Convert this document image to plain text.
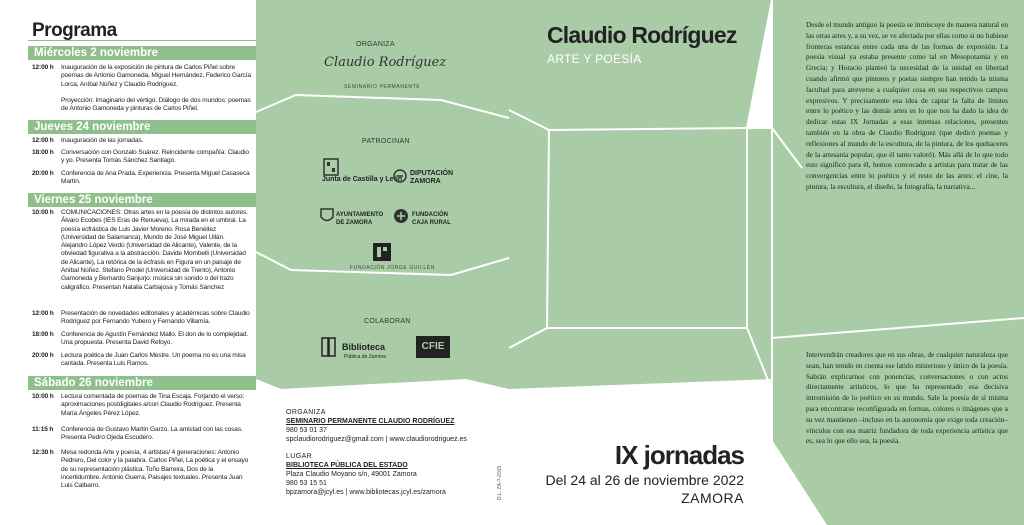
Programa
Miércoles 2 noviembre
12:00 h	Inauguración de la exposición de pintura de Carlos Piñel sobre poemas de Antonio Gamoneda, Miguel Hernández, Federico García Lorca, Aníbal Núñez y Claudio Rodríguez.
Proyección: Imaginario del vértigo. Diálogo de dos mundos: poemas de Antonio Gamoneda y pinturas de Carlos Piñel.
Jueves 24 noviembre
12:00 h	Inauguración de las jornadas.
18:00 h	Conversación con Gonzalo Suárez. Reincidente compañía: Claudio y yo. Presenta Tomás Sánchez Santiago.
20:00 h	Conferencia de Ana Prada. Experiencia. Presenta Miguel Casaseca Martín.
Viernes 25 noviembre
10:00 h	COMUNICACIONES: Otras artes en la poesía de distintos autores. Álvaro Ecobes (IES Eras de Renueva), La mirada en el umbral. La poesía ecfrástica de Luis Javier Moreno. Rosa Benéitez (Universidad de Salamanca), Mundo de José Miguel Ullán. Alejandro López Verdú (Universidad de Alicante), Valente, de la obviedad figurativa a la abstracción. Davide Mombelli (Universidad de Alicante), La retórica de la écfrasis en Figura en un paisaje de Aníbal Núñez. Stefano Prodel (Universidad de Trento), Antonio Gamoneda y Bernardo Sanjurjo: música sin sonido o del trazo caligráfico. Presentan Natalia Carbajosa y Tomás Sánchez
12:00 h	Presentación de novedades editoriales y académicas sobre Claudio Rodríguez por Fernando Yubero y Fernando Villamía.
18:00 h	Conferencia de Agustín Fernández Mallo. El don de lo complejidad. Una propuesta. Presenta David Refoyo.
20:00 h	Lectura poética de Juan Carlos Mestre. Un poema no es una misa cantada. Presenta Luis Ramos.
Sábado 26 noviembre
10:00 h	Lectura comentada de poemas de Tina Escaja. Forjando el verso: aproximaciones postdigitales a/con Claudio Rodríguez. Presenta María Ángeles Pérez López.
11:15 h	Conferencia de Gustavo Martín Garzo. La amistad con las cosas. Presenta Pedro Ojeda Escudero.
12:30 h	Mesa redonda Arte y poesía, 4 artistas/ 4 generaciones: Antonio Pedrero, Del color y la palabra. Carlos Piñel, La poética y el ensayo de su representación plástica. Toño Barreira, Dos de la incertidumbre. Antonio Guerra, Paisajes textuales. Presenta Juan Luis Calbarro.
ORGANIZA
Claudio Rodríguez
SEMINARIO PERMANENTE
PATROCINAN
Junta de Castilla y León
DIPUTACIÓN ZAMORA
AYUNTAMIENTO DE ZAMORA
FUNDACIÓN CAJA RURAL
FUNDACIÓN JORGE GUILLÉN
COLABORAN
Biblioteca
Pública de Zamora
CFIE
ORGANIZA
SEMINARIO PERMANENTE CLAUDIO RODRÍGUEZ
980 53 01 37
spclaudiorodriguez@gmail.com | www.claudiorodriguez.es
LUGAR
BIBLIOTECA PÚBLICA DEL ESTADO
Plaza Claudio Moyano s/n, 49001 Zamora
980 53 15 51
bpzamora@jcyl.es | www.bibliotecas.jcyl.es/zamora
Claudio Rodríguez
ARTE Y POESÍA
IX jornadas
Del 24 al 26 de noviembre 2022
ZAMORA
D.L. ZA-?-2015
Desde el mundo antiguo la poesía se inmiscuye de manera natural en las otras artes y, a su vez, se ve afectada por ellas como si no hubiese fronteras estancas entre cada una de las formas de expresión. La poesía visual ya estaba presente como tal en Mesopotamia y en Grecia; y Horacio planteó la necesidad de la unidad en libertad cuando afirmó que pintores y poetas siempre han tenido la misma facultad para atreverse a cualquier cosa en sus respectivos campos expresivos. Y precisamente esa idea de captar la falta de límites entre lo poético y las demás artes es lo que nos ha dado la idea de dedicar estas IX Jornadas a esas intensas relaciones, presentes también en la obra de Claudio Rodríguez (que dedicó poemas y reflexiones al mundo de la escultura, de la pintura, de los quehaceres de la artesanía popular, que él tanto valoró). Más allá de lo que todo esto significó para él, hemos convocado a artistas para tratar de las convergencias entre lo poético y el resto de las artes: el cine, la pintura, la escultura, el diseño, la fotografía, la narrativa...
Intervendrán creadores que en sus obras, de cualquier naturaleza que sean, han tenido en cuenta ese latido misterioso y único de la poesía. Sabrán explicarnos con ponencias, conversaciones o con actos directamente artísticos, lo que ha representado esa decisiva intromisión de lo poético en su mundo. Sale la poesía de sí misma para encontrarse reconfigurada en formas, colores o imágenes que a su vez mantienen –incluso en la autonomía que exige toda creación– vínculos con esa matriz fundadora de toda experiencia artística que es, sea lo que ello sea, la poesía.
